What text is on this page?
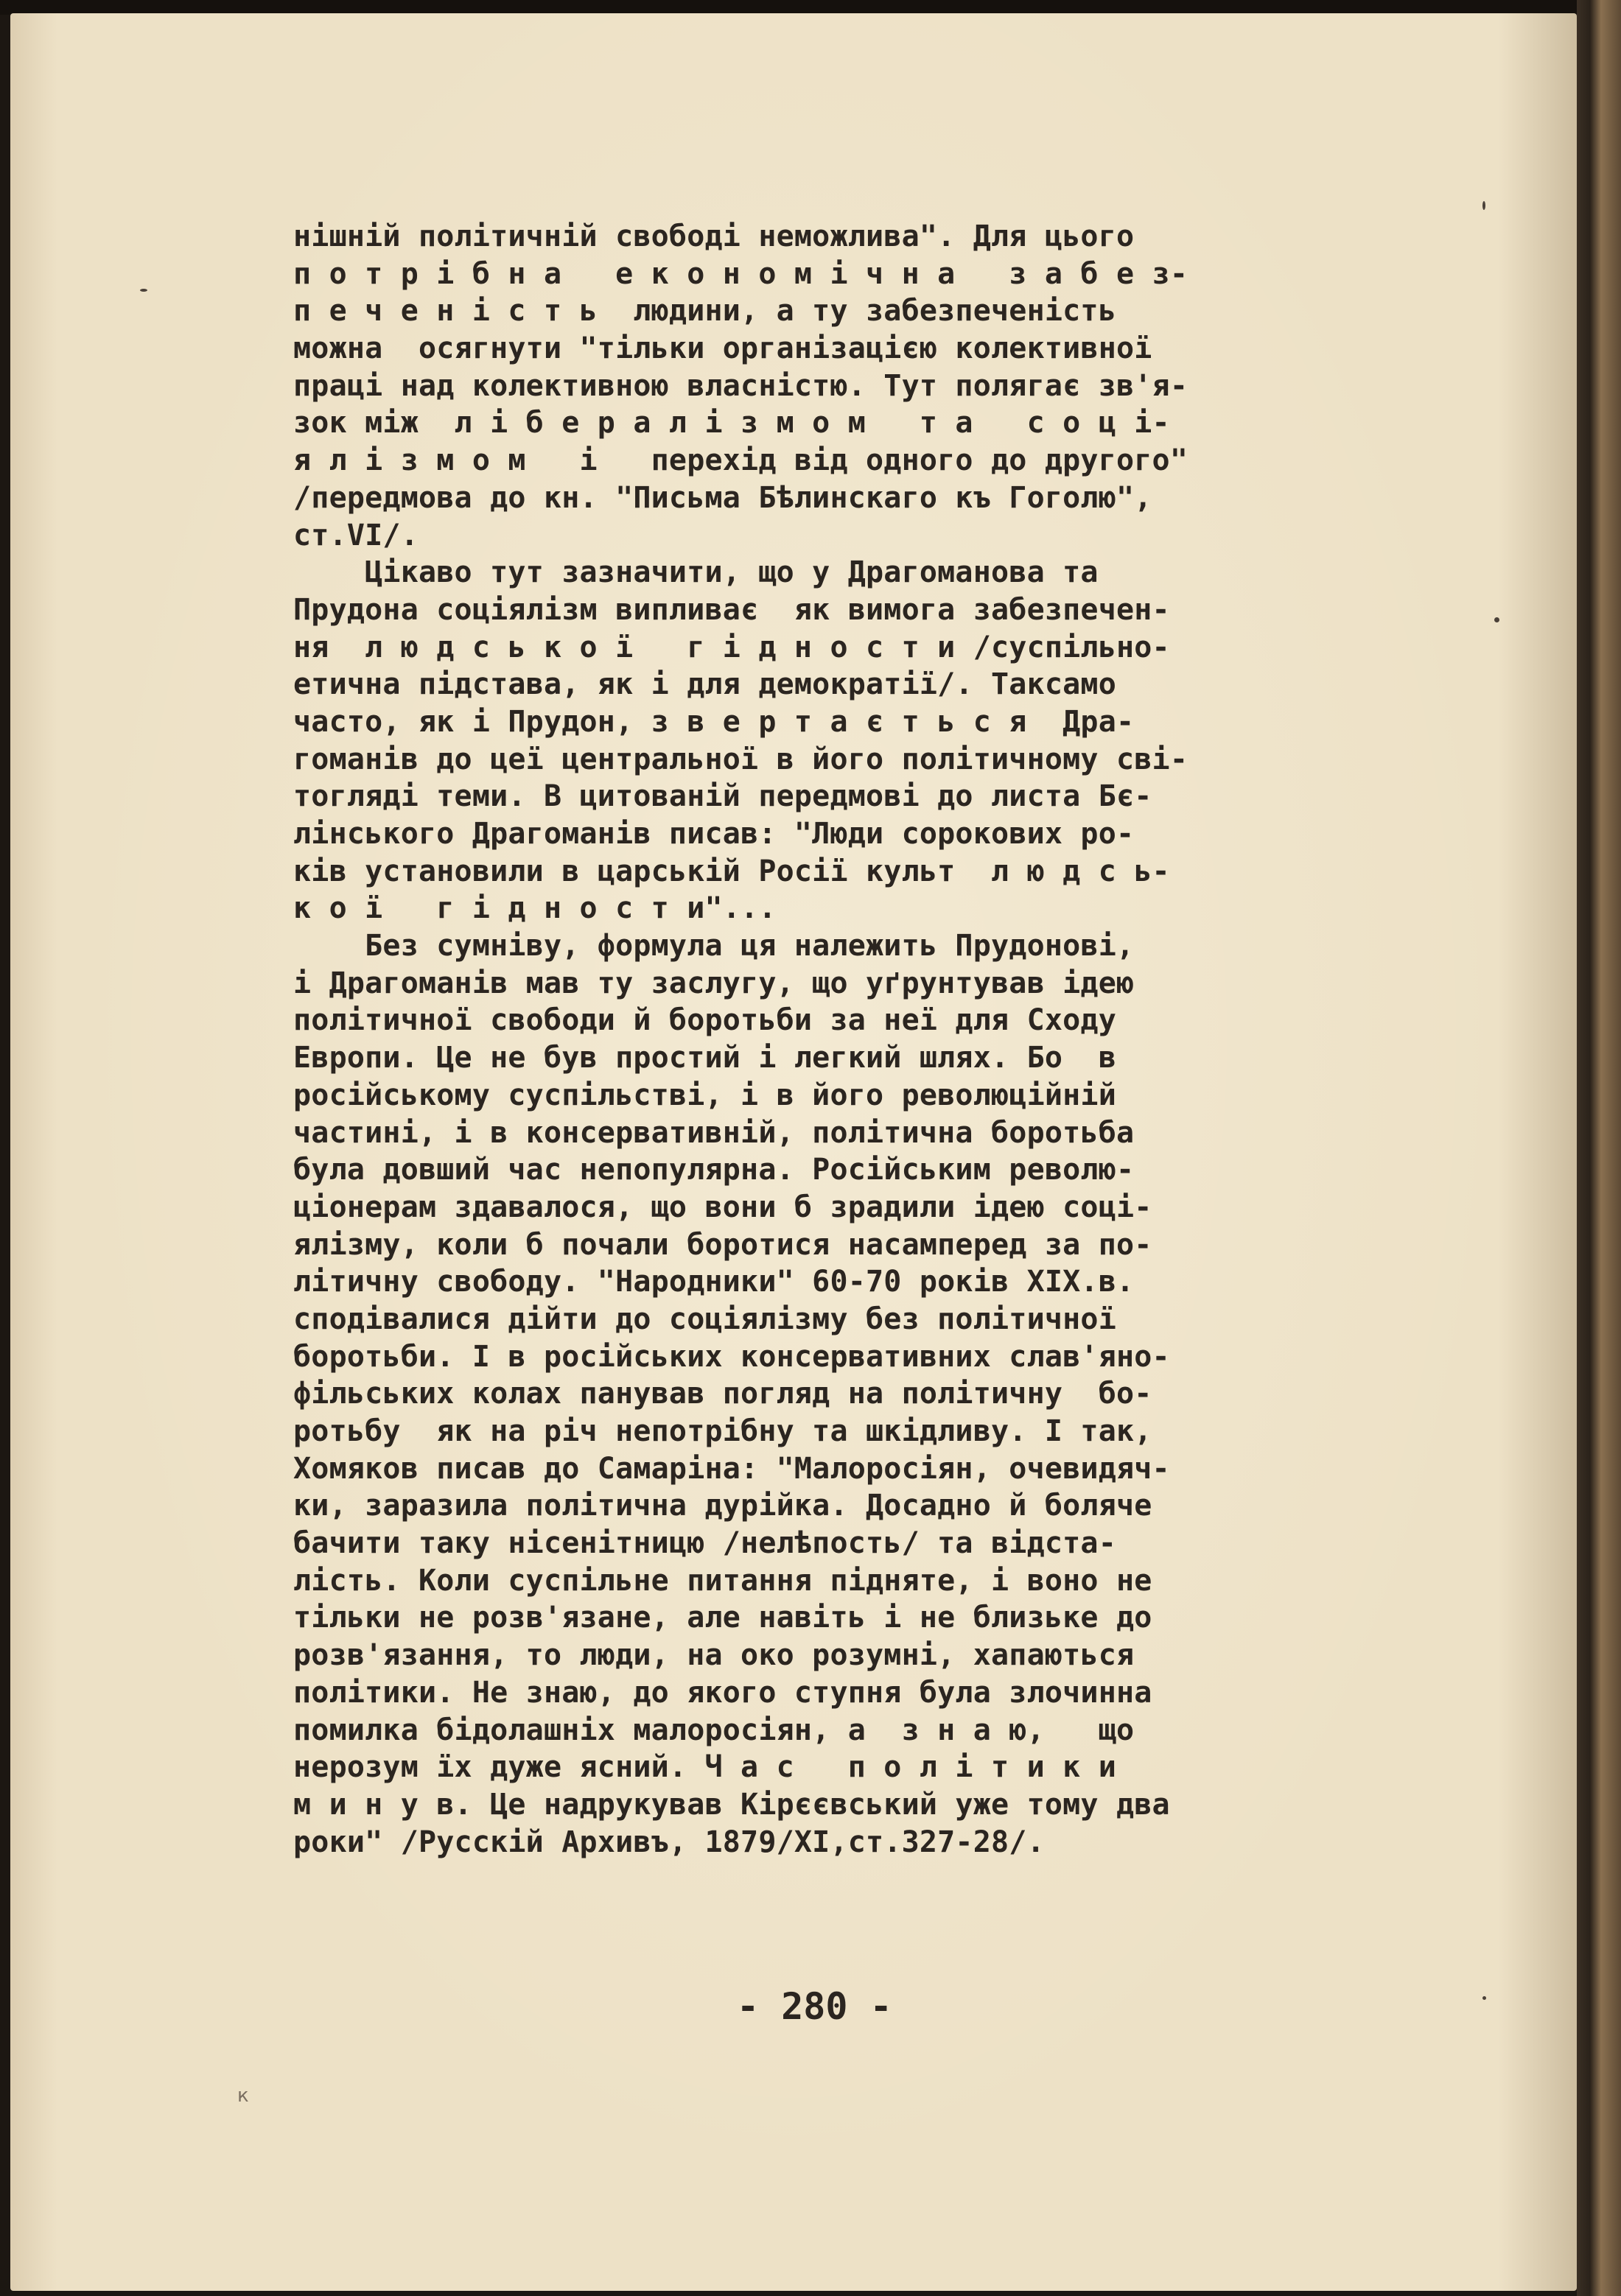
нішній політичній свободі неможлива". Для цього
п о т р і б н а   е к о н о м і ч н а   з а б е з-
п е ч е н і с т ь  людини, а ту забезпеченість
можна  осягнути "тільки організацією колективної
праці над колективною власністю. Тут полягає зв'я-
зок між  л і б е р а л і з м о м   т а   с о ц і-
я л і з м о м   і   перехід від одного до другого"
/передмова до кн. "Письма Бѣлинскаго къ Гоголю",
ст.VI/.
Цікаво тут зазначити, що у Драгоманова та
Прудона соціялізм випливає  як вимога забезпечен-
ня  л ю д с ь к о ї   г і д н о с т и /суспільно-
етична підстава, як і для демократії/. Таксамо
часто, як і Прудон, з в е р т а є т ь с я  Дра-
гоманів до цеї центральної в його політичному сві-
тогляді теми. В цитованій передмові до листа Бє-
лінського Драгоманів писав: "Люди сорокових ро-
ків установили в царській Росії культ  л ю д с ь-
к о ї   г і д н о с т и"...
Без сумніву, формула ця належить Прудонові,
і Драгоманів мав ту заслугу, що уґрунтував ідею
політичної свободи й боротьби за неї для Сходу
Европи. Це не був простий і легкий шлях. Бо  в
російському суспільстві, і в його революційній
частині, і в консервативній, політична боротьба
була довший час непопулярна. Російським револю-
ціонерам здавалося, що вони б зрадили ідею соці-
ялізму, коли б почали боротися насамперед за по-
літичну свободу. "Народники" 60-70 років XIX.в.
сподівалися дійти до соціялізму без політичної
боротьби. І в російських консервативних слав'яно-
фільських колах панував погляд на політичну  бо-
ротьбу  як на річ непотрібну та шкідливу. І так,
Хомяков писав до Самаріна: "Малоросіян, очевидяч-
ки, заразила політична дурійка. Досадно й боляче
бачити таку нісенітницю /нелѣпость/ та відста-
лість. Коли суспільне питання підняте, і воно не
тільки не розв'язане, але навіть і не близьке до
розв'язання, то люди, на око розумні, хапаються
політики. Не знаю, до якого ступня була злочинна
помилка бідолашніх малоросіян, а  з н а ю,   що
нерозум їх дуже ясний. Ч а с   п о л і т и к и
м и н у в. Це надрукував Кірєєвський уже тому два
роки" /Русскій Архивъ, 1879/XI,ст.327-28/.
- 280 -
к
